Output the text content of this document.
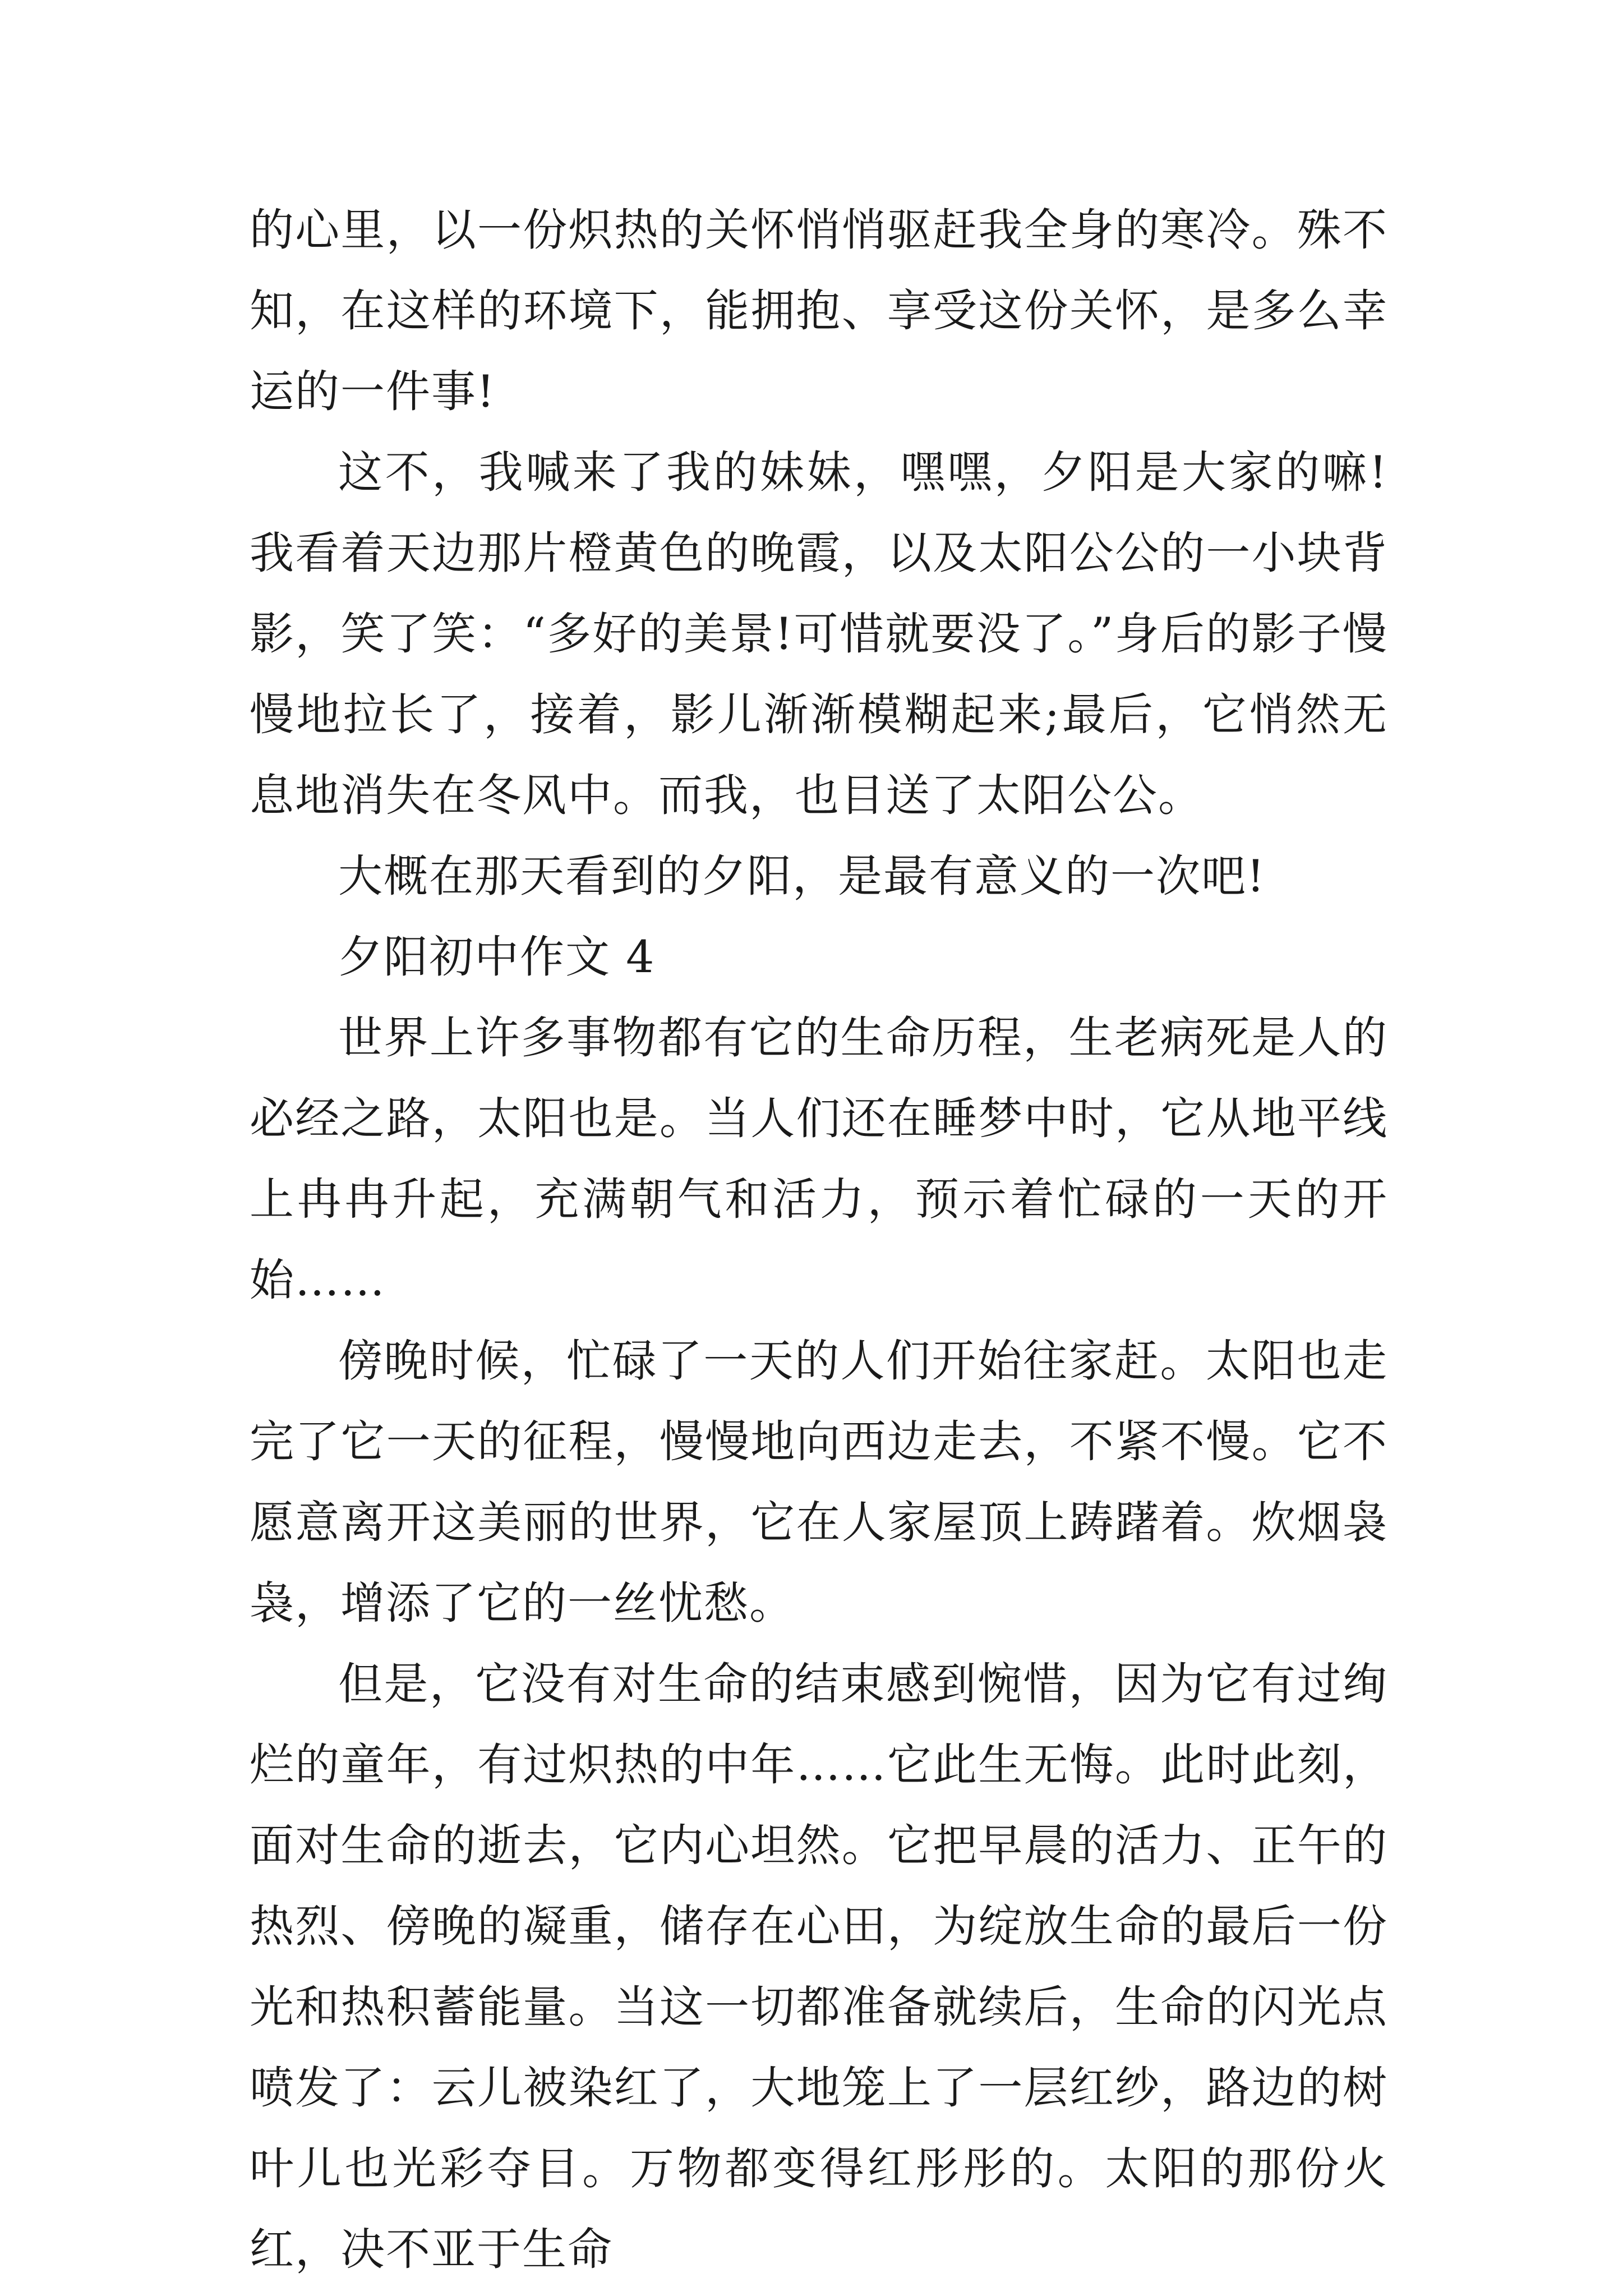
的心里，以一份炽热的关怀悄悄驱赶我全身的寒冷。殊不知，在这样的环境下，能拥抱、享受这份关怀，是多么幸运的一件事!

这不，我喊来了我的妹妹，嘿嘿，夕阳是大家的嘛!我看着天边那片橙黄色的晚霞，以及太阳公公的一小块背影，笑了笑：“多好的美景!可惜就要没了。”身后的影子慢慢地拉长了，接着，影儿渐渐模糊起来;最后，它悄然无息地消失在冬风中。而我，也目送了太阳公公。

大概在那天看到的夕阳，是最有意义的一次吧!

夕阳初中作文 4

世界上许多事物都有它的生命历程，生老病死是人的必经之路，太阳也是。当人们还在睡梦中时，它从地平线上冉冉升起，充满朝气和活力，预示着忙碌的一天的开始……

傍晚时候，忙碌了一天的人们开始往家赶。太阳也走完了它一天的征程，慢慢地向西边走去，不紧不慢。它不愿意离开这美丽的世界，它在人家屋顶上踌躇着。炊烟袅袅，增添了它的一丝忧愁。

但是，它没有对生命的结束感到惋惜，因为它有过绚烂的童年，有过炽热的中年……它此生无悔。此时此刻，面对生命的逝去，它内心坦然。它把早晨的活力、正午的热烈、傍晚的凝重，储存在心田，为绽放生命的最后一份光和热积蓄能量。当这一切都准备就续后，生命的闪光点喷发了：云儿被染红了，大地笼上了一层红纱，路边的树叶儿也光彩夺目。万物都变得红彤彤的。太阳的那份火红，决不亚于生命
